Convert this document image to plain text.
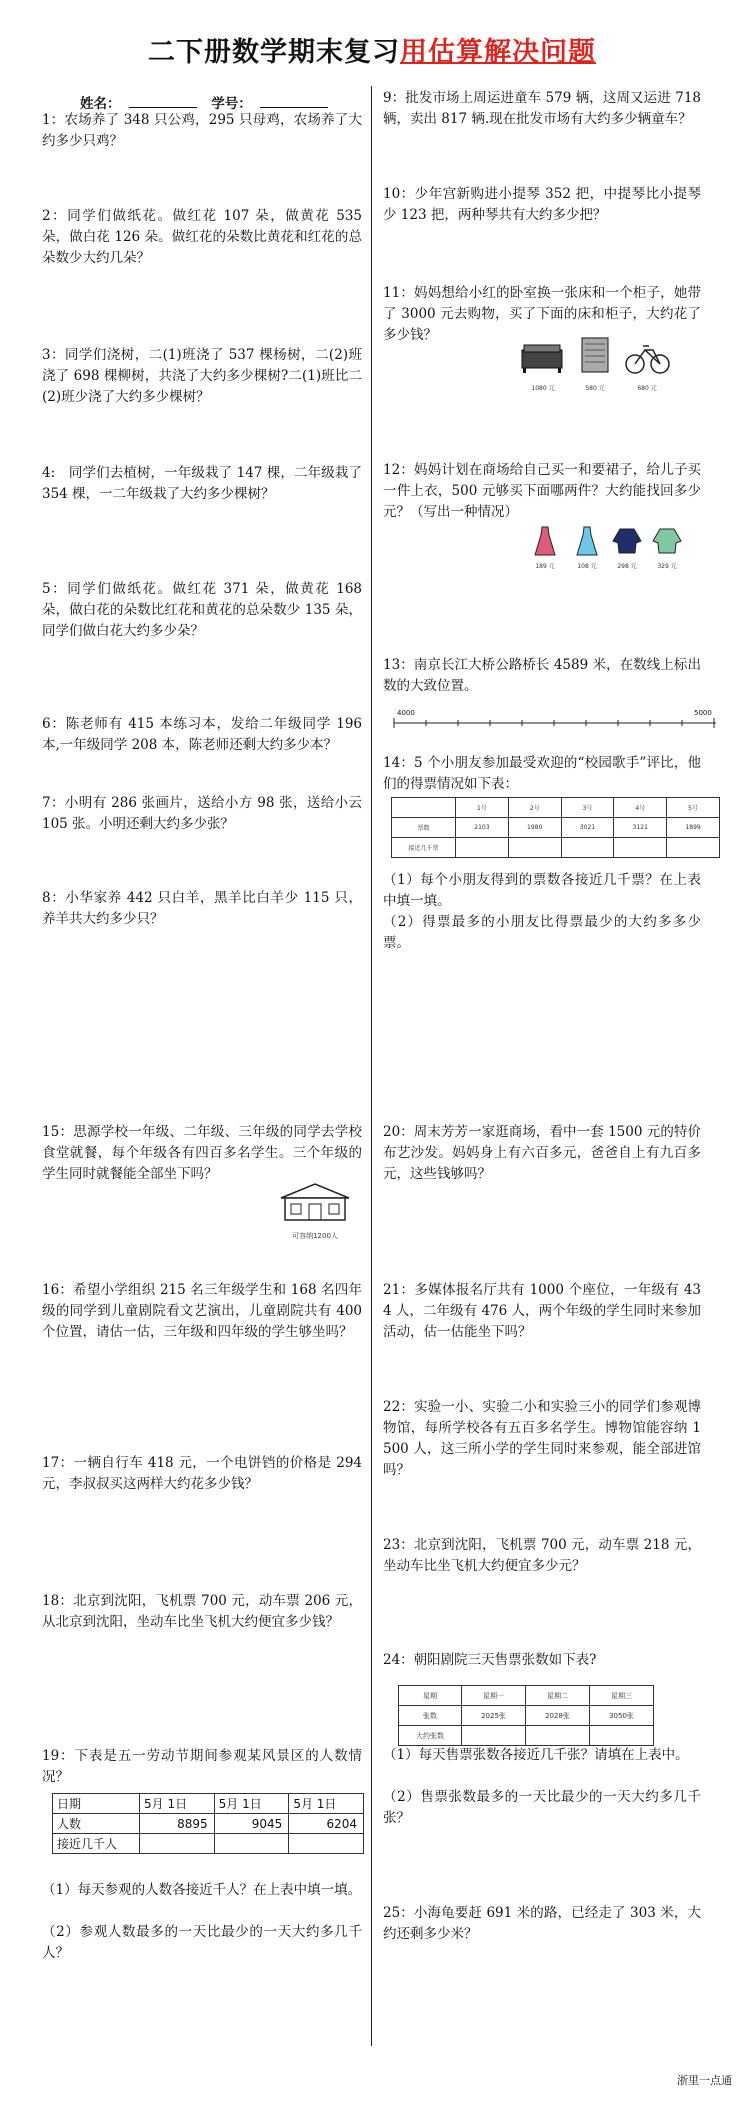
二下册数学期末复习用估算解决问题
姓名：	学号：
1：农场养了 348 只公鸡，295 只母鸡，农场养了大约多少只鸡？
2：同学们做纸花。做红花 107 朵，做黄花 535 朵，做白花 126 朵。做红花的朵数比黄花和红花的总朵数少大约几朵？
3：同学们浇树，二(1)班浇了 537 棵杨树，二(2)班浇了 698 棵柳树，共浇了大约多少棵树?二(1)班比二(2)班少浇了大约多少棵树？
4:　同学们去植树，一年级栽了 147 棵，二年级栽了 354 棵，一二年级栽了大约多少棵树？
5：同学们做纸花。做红花 371 朵，做黄花 168 朵，做白花的朵数比红花和黄花的总朵数少 135 朵，同学们做白花大约多少朵？
6：陈老师有 415 本练习本，发给二年级同学 196 本,一年级同学 208 本，陈老师还剩大约多少本？
7：小明有 286 张画片，送给小方 98 张，送给小云 105 张。小明还剩大约多少张？
8：小华家养 442 只白羊，黑羊比白羊少 115 只，养羊共大约多少只？
9：批发市场上周运进童车 579 辆，这周又运进 718 辆，卖出 817 辆.现在批发市场有大约多少辆童车？
10：少年宫新购进小提琴 352 把，中提琴比小提琴少 123 把，两种琴共有大约多少把？
11：妈妈想给小红的卧室换一张床和一个柜子，她带了 3000 元去购物，买了下面的床和柜子，大约花了多少钱？
1080 元	580 元	680 元
12：妈妈计划在商场给自己买一和要裙子，给儿子买一件上衣，500 元够买下面哪两件？大约能找回多少元？（写出一种情况）
189 元	108 元	298 元	329 元
13：南京长江大桥公路桥长 4589 米，在数线上标出数的大致位置。
4000	5000
14：5 个小朋友参加最受欢迎的“校园歌手”评比，他们的得票情况如下表：
	1号	2号	3号	4号	5号
票数	2103	1980	3021	3121	1899
接近几千票					
（1）每个小朋友得到的票数各接近几千票？在上表中填一填。
（2）得票最多的小朋友比得票最少的大约多多少票。
15：思源学校一年级、二年级、三年级的同学去学校食堂就餐，每个年级各有四百多名学生。三个年级的学生同时就餐能全部坐下吗？
可容纳1200人
16：希望小学组织 215 名三年级学生和 168 名四年级的同学到儿童剧院看文艺演出，儿童剧院共有 400 个位置，请估一估，三年级和四年级的学生够坐吗？
17：一辆自行车 418 元，一个电饼铛的价格是 294 元，李叔叔买这两样大约花多少钱？
18：北京到沈阳，飞机票 700 元，动车票 206 元，从北京到沈阳，坐动车比坐飞机大约便宜多少钱？
19：下表是五一劳动节期间参观某风景区的人数情况？
日期	5月 1日	5月 1日	5月 1日
人数	8895	9045	6204
接近几千人			
（1）每天参观的人数各接近千人？在上表中填一填。
（2）参观人数最多的一天比最少的一天大约多几千人？
20：周末芳芳一家逛商场，看中一套 1500 元的特价布艺沙发。妈妈身上有六百多元，爸爸自上有九百多元，这些钱够吗？
21：多媒体报名厅共有 1000 个座位，一年级有 434 人，二年级有 476 人，两个年级的学生同时来参加活动，估一估能坐下吗？
22：实验一小、实验二小和实验三小的同学们参观博物馆，每所学校各有五百多名学生。博物馆能容纳 1500 人，这三所小学的学生同时来参观，能全部进馆吗？
23：北京到沈阳，飞机票 700 元，动车票 218 元，坐动车比坐飞机大约便宜多少元？
24：朝阳剧院三天售票张数如下表?
星期	星期一	星期二	星期三
张数	2025张	2028张	3050张
大约张数			
（1）每天售票张数各接近几千张？请填在上表中。
（2）售票张数最多的一天比最少的一天大约多几千张？
25：小海龟要赶 691 米的路，已经走了 303 米，大约还剩多少米？
浙里一点通
